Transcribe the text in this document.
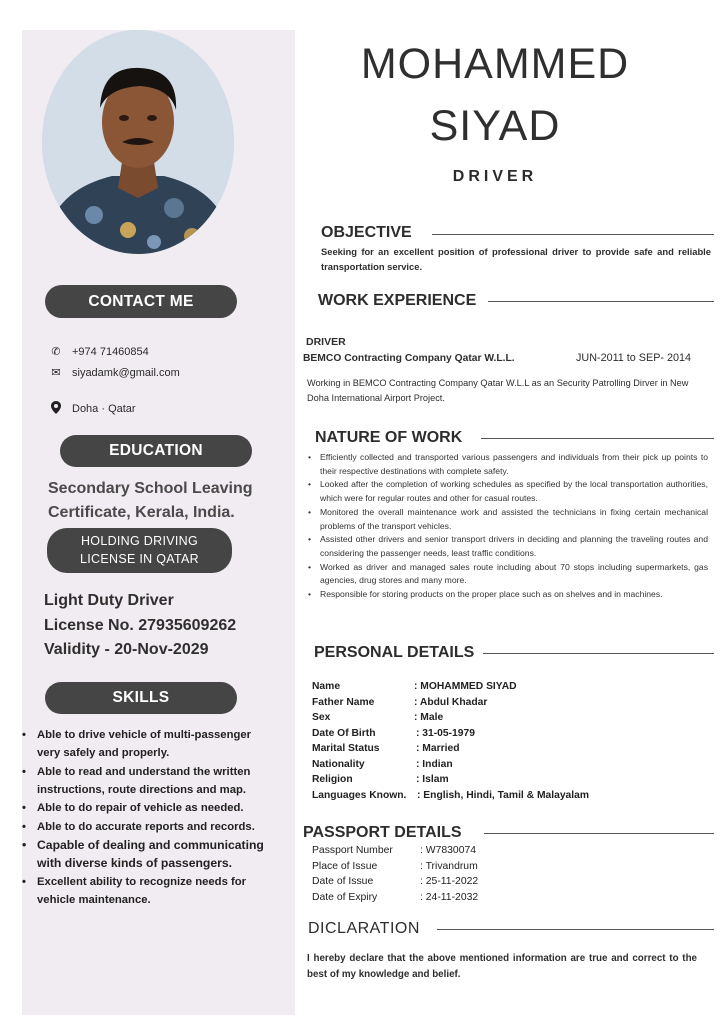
CONTACT ME
✆ +974 71460854
✉ siyadamk@gmail.com
Doha · Qatar
EDUCATION
Secondary School Leaving
Certificate, Kerala, India.
HOLDING DRIVING
LICENSE IN QATAR
Light Duty Driver
License No. 27935609262
Validity - 20-Nov-2029
SKILLS
• Able to drive vehicle of multi-passenger
very safely and properly.
• Able to read and understand the written
instructions, route directions and map.
• Able to do repair of vehicle as needed.
• Able to do accurate reports and records.
• Capable of dealing and communicating
with diverse kinds of passengers.
• Excellent ability to recognize needs for
vehicle maintenance.
MOHAMMED
SIYAD
DRIVER
OBJECTIVE
Seeking for an excellent position of professional driver to provide safe and reliable transportation service.
WORK EXPERIENCE
DRIVER
BEMCO Contracting Company Qatar W.L.L.	JUN-2011 to SEP- 2014
Working in BEMCO Contracting Company Qatar W.L.L as an Security Patrolling Dirver in New Doha International Airport Project.
NATURE OF WORK
• Efficiently collected and transported various passengers and individuals from their pick up points to their respective destinations with complete safety.
• Looked after the completion of working schedules as specified by the local transportation authorities, which were for regular routes and other for casual routes.
• Monitored the overall maintenance work and assisted the technicians in fixing certain mechanical problems of the transport vehicles.
• Assisted other drivers and senior transport drivers in deciding and planning the traveling routes and considering the passenger needs, least traffic conditions.
• Worked as driver and managed sales route including about 70 stops including supermarkets, gas agencies, drug stores and many more.
• Responsible for storing products on the proper place such as on shelves and in machines.
PERSONAL DETAILS
Name	: MOHAMMED SIYAD
Father Name	: Abdul Khadar
Sex	: Male
Date Of Birth	: 31-05-1979
Marital Status	: Married
Nationality	: Indian
Religion	: Islam
Languages Known.	: English, Hindi, Tamil & Malayalam
PASSPORT DETAILS
Passport Number	: W7830074
Place of Issue	: Trivandrum
Date of Issue	: 25-11-2022
Date of Expiry	: 24-11-2032
DICLARATION
I hereby declare that the above mentioned information are true and correct to the best of my knowledge and belief.
